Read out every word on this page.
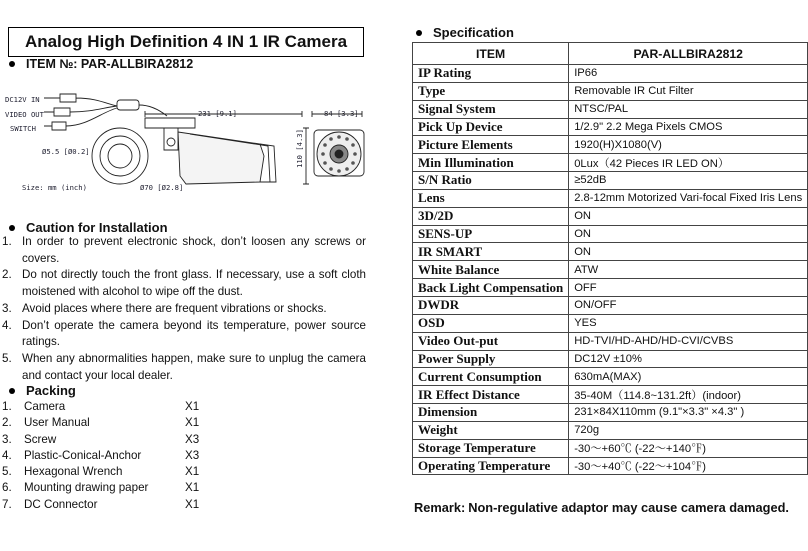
Analog High Definition 4 IN 1 IR Camera
ITEM №: PAR-ALLBIRA2812
DC12V IN
VIDEO OUT
SWITCH
Ø5.5 [Ø0.2]
Size: mm (inch)	Ø70 [Ø2.8]
231 [9.1]	84 [3.3]
110 [4.3]
Caution for Installation
1. In order to prevent electronic shock, don’t loosen any screws or covers.
2. Do not directly touch the front glass. If necessary, use a soft cloth moistened with alcohol to wipe off the dust.
3. Avoid places where there are frequent vibrations or shocks.
4. Don’t operate the camera beyond its temperature, power source ratings.
5. When any abnormalities happen, make sure to unplug the camera and contact your local dealer.
Packing
1.	Camera	X1
2.	User Manual	X1
3.	Screw	X3
4.	Plastic-Conical-Anchor	X3
5.	Hexagonal Wrench	X1
6.	Mounting drawing paper	X1
7.	DC Connector	X1
Specification
ITEM	PAR-ALLBIRA2812
IP Rating	IP66
Type	Removable IR Cut Filter
Signal System	NTSC/PAL
Pick Up Device	1/2.9" 2.2 Mega Pixels CMOS
Picture Elements	1920(H)X1080(V)
Min Illumination	0Lux（42 Pieces IR LED ON）
S/N Ratio	≥52dB
Lens	2.8-12mm Motorized Vari-focal Fixed Iris Lens
3D/2D	ON
SENS-UP	ON
IR SMART	ON
White Balance	ATW
Back Light Compensation	OFF
DWDR	ON/OFF
OSD	YES
Video Out-put	HD-TVI/HD-AHD/HD-CVI/CVBS
Power Supply	DC12V ±10%
Current Consumption	630mA(MAX)
IR Effect Distance	35-40M（114.8~131.2ft）(indoor)
Dimension	231×84X110mm (9.1"×3.3" ×4.3" )
Weight	720g
Storage Temperature	-30～+60℃ (-22～+140℉)
Operating Temperature	-30～+40℃ (-22～+104℉)
Remark: Non-regulative adaptor may cause camera damaged.
